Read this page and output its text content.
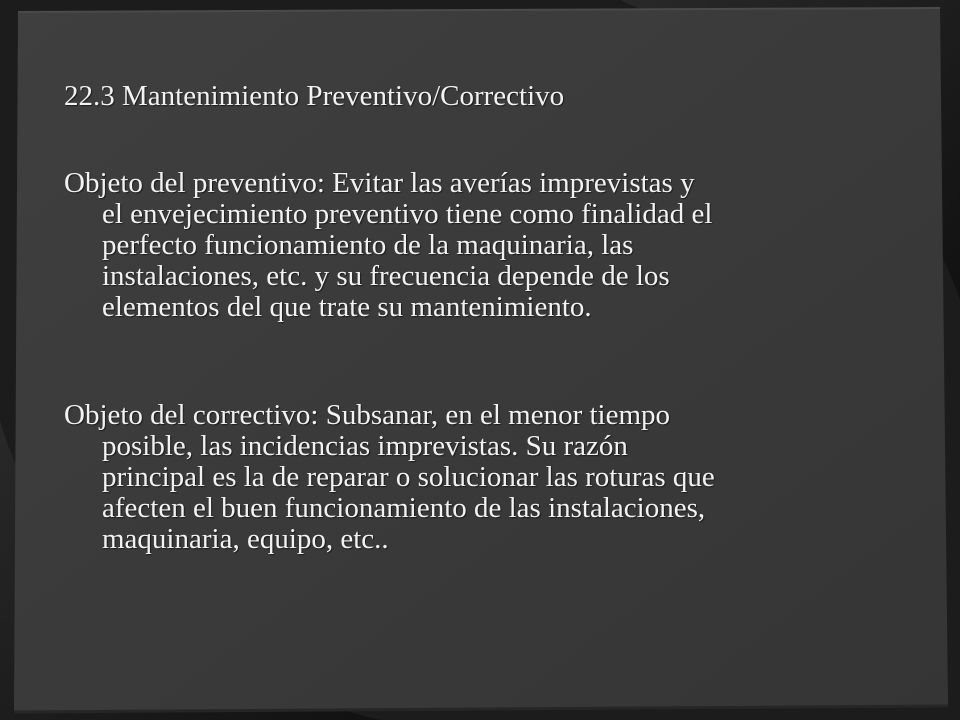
22.3 Mantenimiento Preventivo/Correctivo
Objeto del preventivo: Evitar las averías imprevistas y
el envejecimiento preventivo tiene como finalidad el
perfecto funcionamiento de la maquinaria, las
instalaciones, etc. y su frecuencia depende de los
elementos del que trate su mantenimiento.
Objeto del correctivo: Subsanar, en el menor tiempo
posible, las incidencias imprevistas. Su razón
principal es la de reparar o solucionar las roturas que
afecten el buen funcionamiento de las instalaciones,
maquinaria, equipo, etc..
